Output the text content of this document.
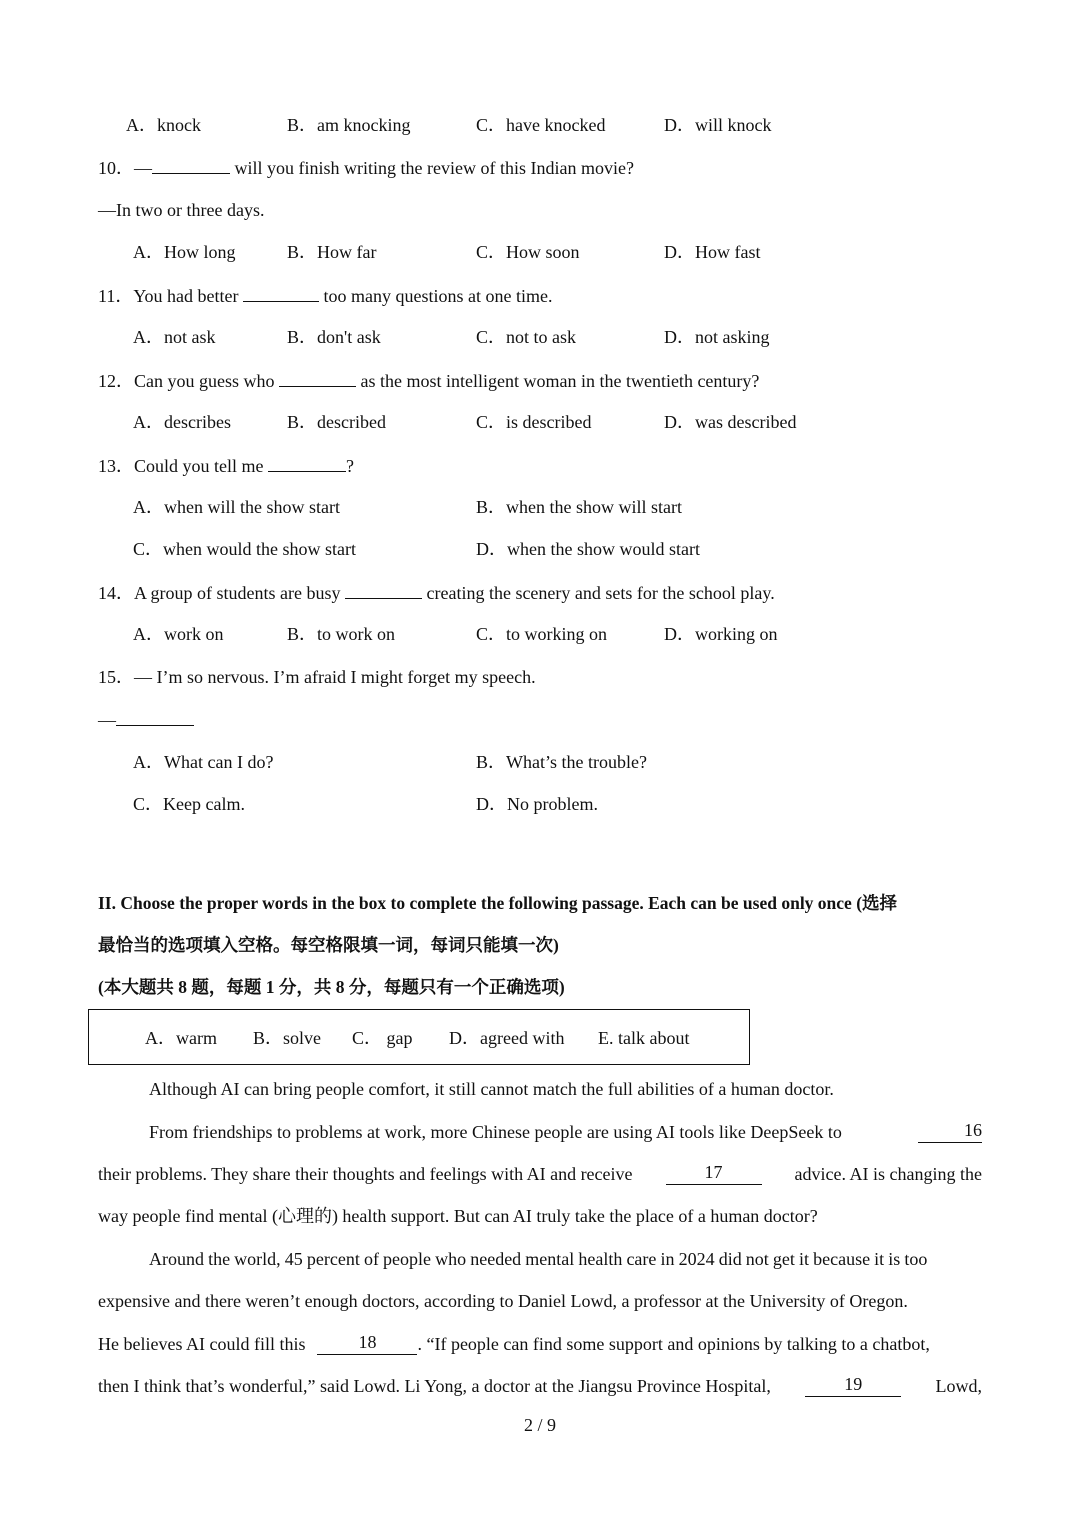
A．knock	B．am knocking	C．have knocked	D．will knock
10．—	will you finish writing the review of this Indian movie?
—In two or three days.
A．How long	B．How far	C．How soon	D．How fast
11．You had better	too many questions at one time.
A．not ask	B．don't ask	C．not to ask	D．not asking
12．Can you guess who	as the most intelligent woman in the twentieth century?
A．describes	B．described	C．is described	D．was described
13．Could you tell me	?
A．when will the show start	B．when the show will start
C．when would the show start	D．when the show would start
14．A group of students are busy	creating the scenery and sets for the school play.
A．work on	B．to work on	C．to working on	D．working on
15．— I’m so nervous. I’m afraid I might forget my speech.
—
A．What can I do?	B．What’s the trouble?
C．Keep calm.	D．No problem.
II. Choose the proper words in the box to complete the following passage. Each can be used only once (选择
最恰当的选项填入空格。每空格限填一词，每词只能填一次)
(本大题共 8 题，每题 1 分，共 8 分，每题只有一个正确选项)
A．warm B．solve C． gap D．agreed with E. talk about
Although AI can bring people comfort, it still cannot match the full abilities of a human doctor.
From friendships to problems at work, more Chinese people are using AI tools like DeepSeek to	16
their problems. They share their thoughts and feelings with AI and receive	17	advice. AI is changing the
way people find mental (心理的) health support. But can AI truly take the place of a human doctor?
Around the world, 45 percent of people who needed mental health care in 2024 did not get it because it is too
expensive and there weren’t enough doctors, according to Daniel Lowd, a professor at the University of Oregon.
He believes AI could fill this	18	. “If people can find some support and opinions by talking to a chatbot,
then I think that’s wonderful,” said Lowd. Li Yong, a doctor at the Jiangsu Province Hospital,	19	Lowd,
2 / 9
